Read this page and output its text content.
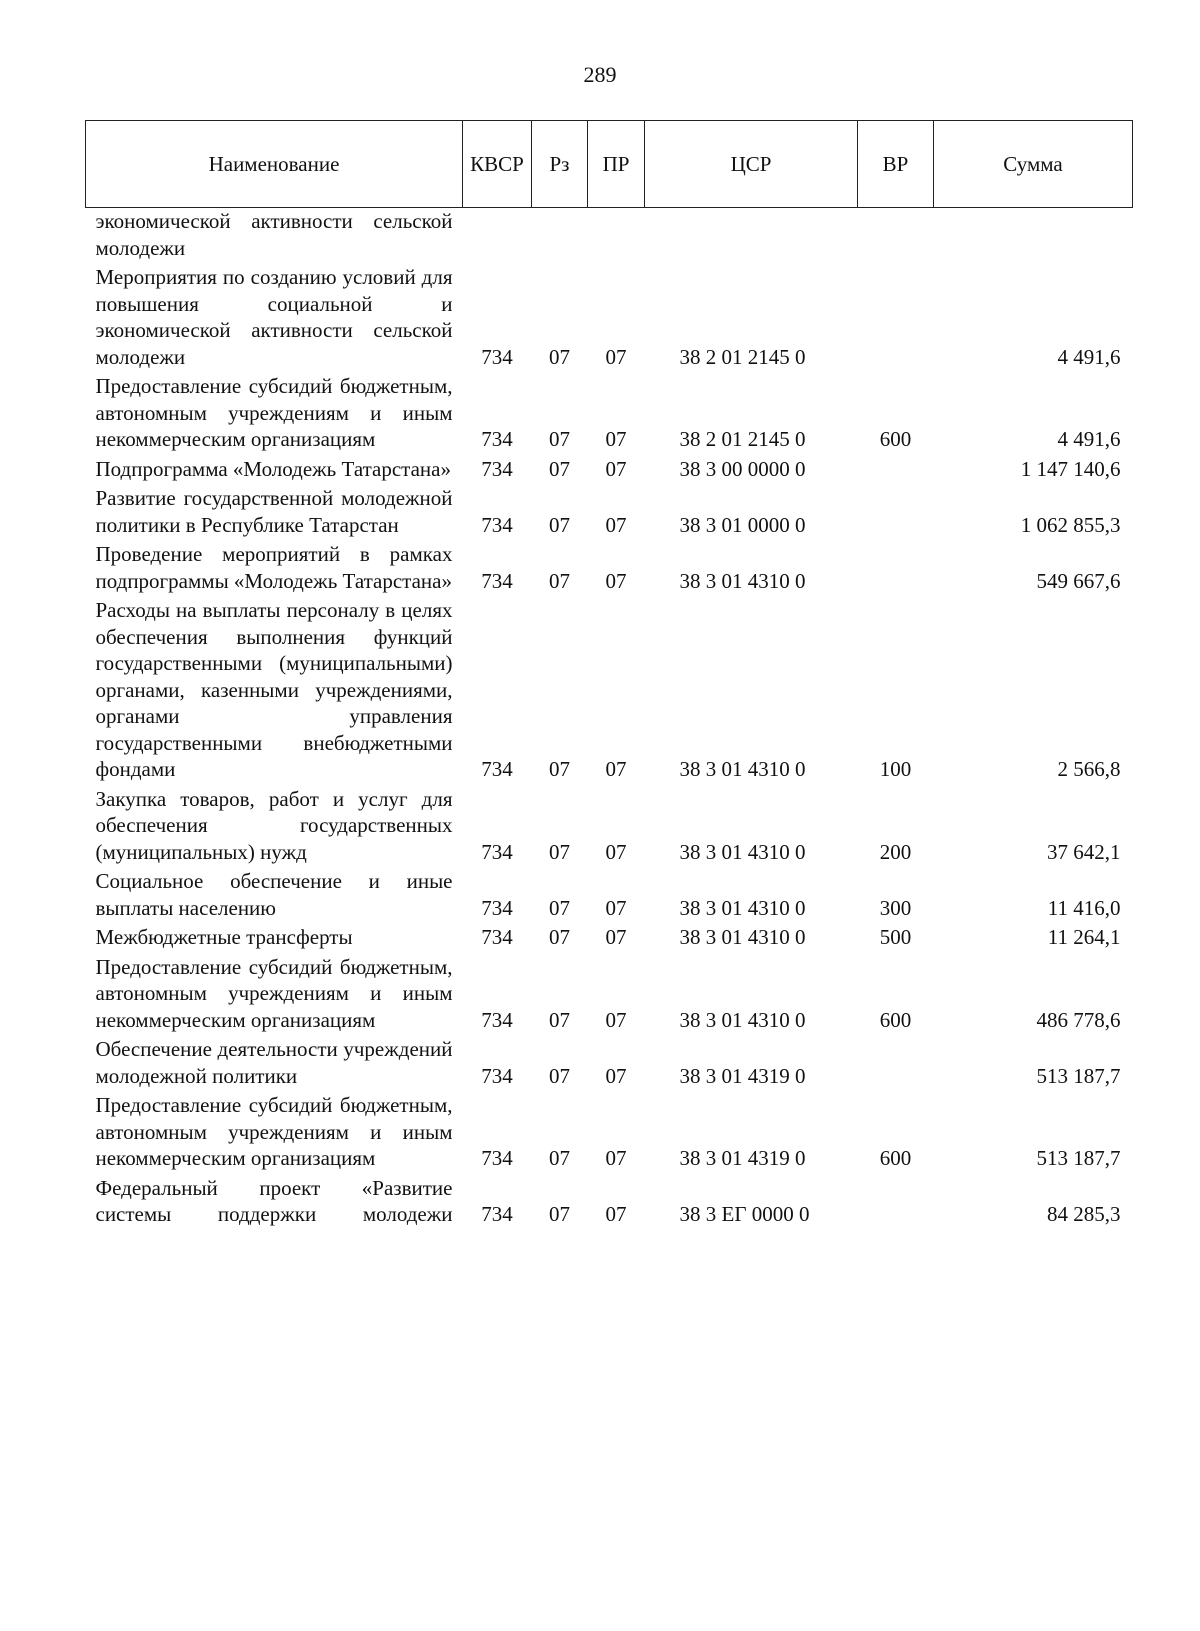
289
Наименование	КВСР	Рз	ПР	ЦСР	ВР	Сумма
экономической активности сельской молодежи						
Мероприятия по созданию условий для повышения социальной и экономической активности сельской молодежи	734	07	07	38 2 01 2145 0		4 491,6
Предоставление субсидий бюджетным, автономным учреждениям и иным некоммерческим организациям	734	07	07	38 2 01 2145 0	600	4 491,6
Подпрограмма «Молодежь Татарстана»	734	07	07	38 3 00 0000 0		1 147 140,6
Развитие государственной молодежной политики в Республике Татарстан	734	07	07	38 3 01 0000 0		1 062 855,3
Проведение мероприятий в рамках подпрограммы «Молодежь Татарстана»	734	07	07	38 3 01 4310 0		549 667,6
Расходы на выплаты персоналу в целях обеспечения выполнения функций государственными (муниципальными) органами, казенными учреждениями, органами управления государственными внебюджетными фондами	734	07	07	38 3 01 4310 0	100	2 566,8
Закупка товаров, работ и услуг для обеспечения государственных (муниципальных) нужд	734	07	07	38 3 01 4310 0	200	37 642,1
Социальное обеспечение и иные выплаты населению	734	07	07	38 3 01 4310 0	300	11 416,0
Межбюджетные трансферты	734	07	07	38 3 01 4310 0	500	11 264,1
Предоставление субсидий бюджетным, автономным учреждениям и иным некоммерческим организациям	734	07	07	38 3 01 4310 0	600	486 778,6
Обеспечение деятельности учреждений молодежной политики	734	07	07	38 3 01 4319 0		513 187,7
Предоставление субсидий бюджетным, автономным учреждениям и иным некоммерческим организациям	734	07	07	38 3 01 4319 0	600	513 187,7
Федеральный проект «Развитие системы поддержки молодежи	734	07	07	38 3 ЕГ 0000 0		84 285,3
